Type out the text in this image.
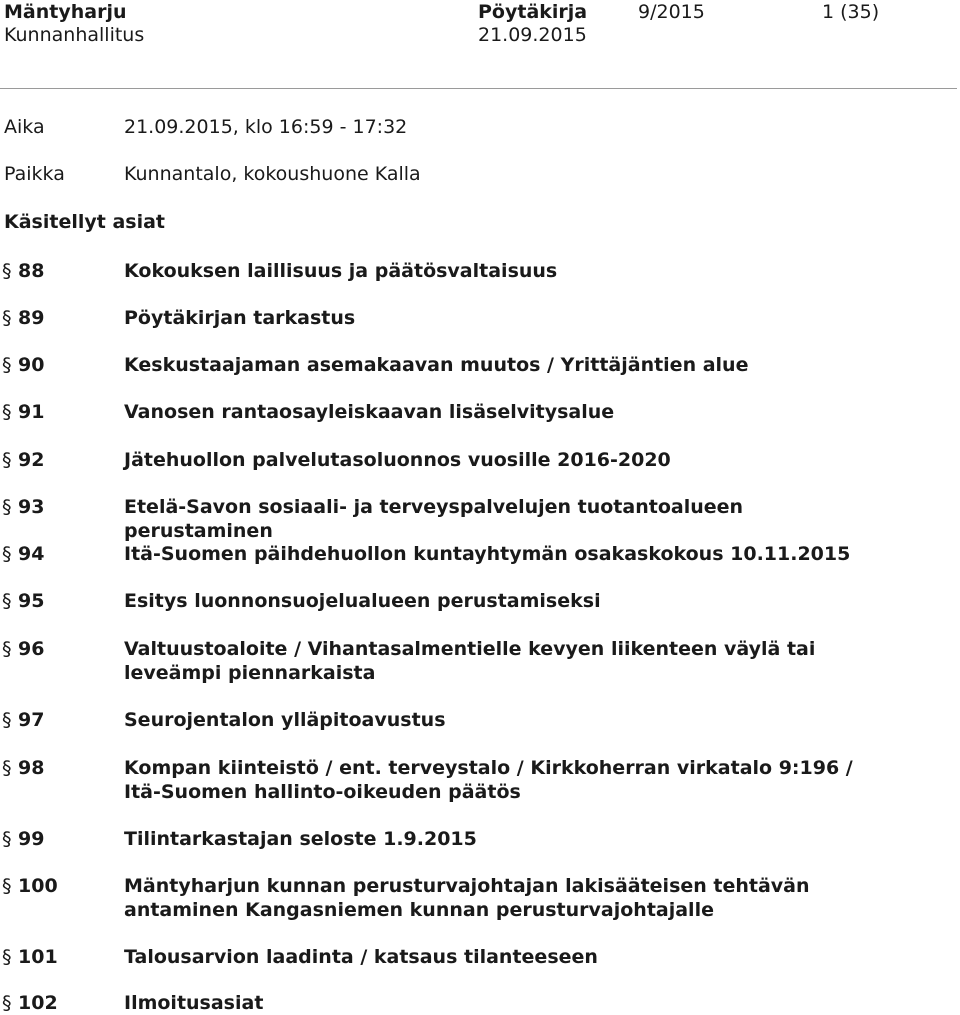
Mäntyharju
Kunnanhallitus
Pöytäkirja
21.09.2015
9/2015	1 (35)
Aika	21.09.2015, klo 16:59 - 17:32
Paikka	Kunnantalo, kokoushuone Kalla
Käsitellyt asiat
§ 88	Kokouksen laillisuus ja päätösvaltaisuus
§ 89	Pöytäkirjan tarkastus
§ 90	Keskustaajaman asemakaavan muutos / Yrittäjäntien alue
§ 91	Vanosen rantaosayleiskaavan lisäselvitysalue
§ 92	Jätehuollon palvelutasoluonnos vuosille 2016-2020
§ 93	Etelä-Savon sosiaali- ja terveyspalvelujen tuotantoalueen perustaminen
§ 94	Itä-Suomen päihdehuollon kuntayhtymän osakaskokous 10.11.2015
§ 95	Esitys luonnonsuojelualueen perustamiseksi
§ 96	Valtuustoaloite / Vihantasalmentielle kevyen liikenteen väylä tai leveämpi piennarkaista
§ 97	Seurojentalon ylläpitoavustus
§ 98	Kompan kiinteistö / ent. terveystalo / Kirkkoherran virkatalo 9:196 / Itä-Suomen hallinto-oikeuden päätös
§ 99	Tilintarkastajan seloste 1.9.2015
§ 100	Mäntyharjun kunnan perusturvajohtajan lakisääteisen tehtävän antaminen Kangasniemen kunnan perusturvajohtajalle
§ 101	Talousarvion laadinta / katsaus tilanteeseen
§ 102	Ilmoitusasiat
